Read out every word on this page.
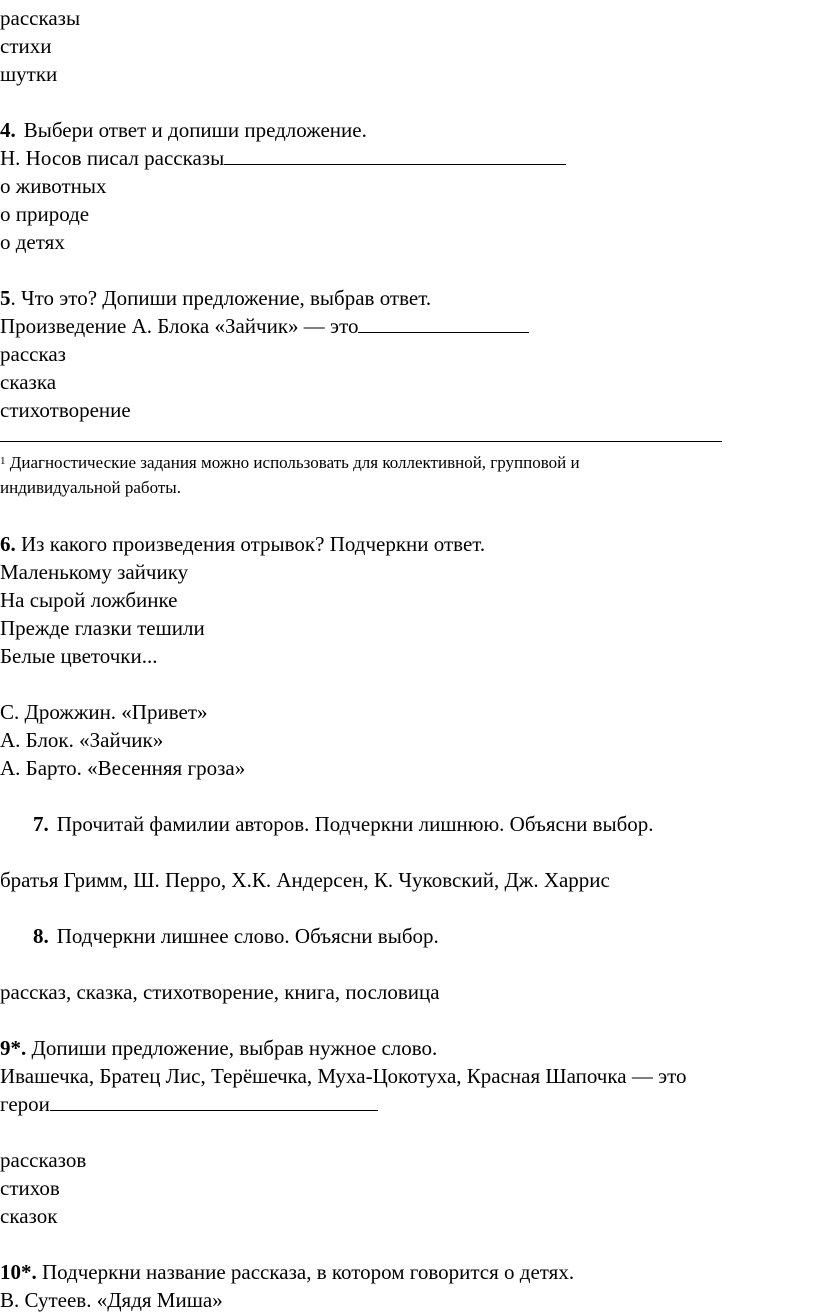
рассказы
стихи
шутки
4. Выбери ответ и допиши предложение.
Н. Носов писал рассказы
о животных
о природе
о детях
5. Что это? Допиши предложение, выбрав ответ.
Произведение А. Блока «Зайчик» — это
рассказ
сказка
стихотворение
$^1$ Диагностические задания можно использовать для коллективной, групповой и
индивидуальной работы.
6. Из какого произведения отрывок? Подчеркни ответ.
Маленькому зайчику
На сырой ложбинке
Прежде глазки тешили
Белые цветочки...
С. Дрожжин. «Привет»
А. Блок. «Зайчик»
А. Барто. «Весенняя гроза»
7. Прочитай фамилии авторов. Подчеркни лишнюю. Объясни выбор.
братья Гримм, Ш. Перро, Х.К. Андерсен, К. Чуковский, Дж. Харрис
8. Подчеркни лишнее слово. Объясни выбор.
рассказ, сказка, стихотворение, книга, пословица
9*. Допиши предложение, выбрав нужное слово.
Ивашечка, Братец Лис, Терёшечка, Муха-Цокотуха, Красная Шапочка — это
герои
рассказов
стихов
сказок
10*. Подчеркни название рассказа, в котором говорится о детях.
В. Сутеев. «Дядя Миша»
